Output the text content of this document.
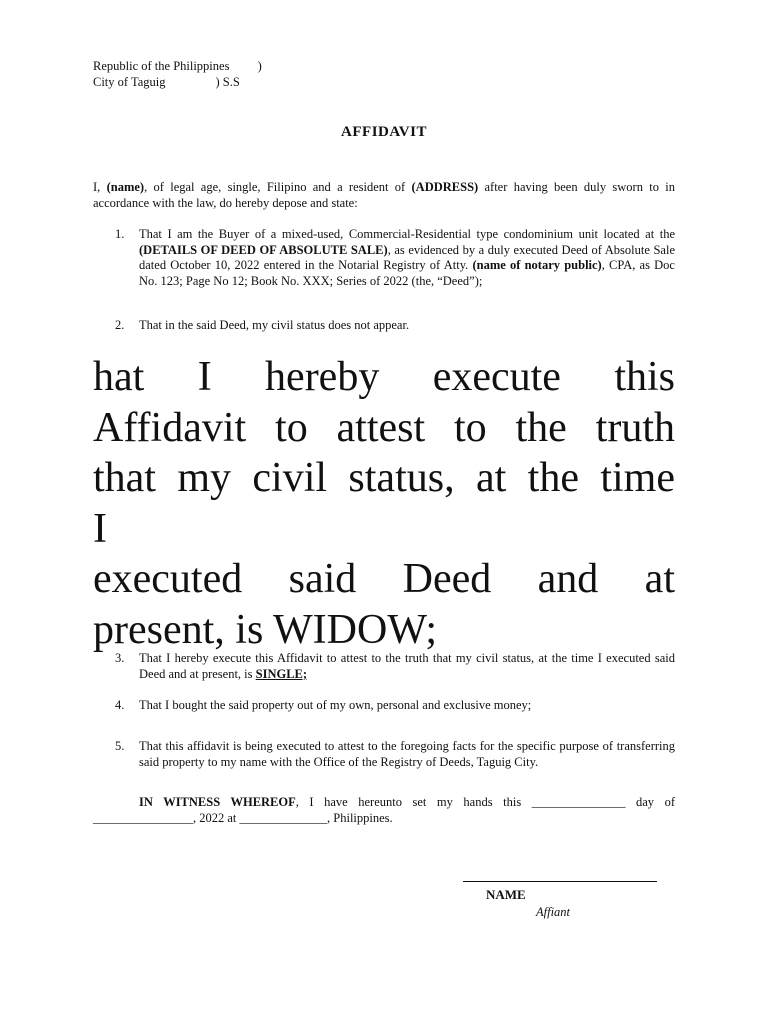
Republic of the Philippines         )
City of Taguig                ) S.S
AFFIDAVIT
I, (name), of legal age, single, Filipino and a resident of (ADDRESS) after having been duly sworn to in accordance with the law, do hereby depose and state:
1. That I am the Buyer of a mixed-used, Commercial-Residential type condominium unit located at the (DETAILS OF DEED OF ABSOLUTE SALE), as evidenced by a duly executed Deed of Absolute Sale dated October 10, 2022 entered in the Notarial Registry of Atty. (name of notary public), CPA, as Doc No. 123; Page No 12; Book No. XXX; Series of 2022 (the, “Deed”);
2. That in the said Deed, my civil status does not appear.

hat I hereby execute this

Affidavit to attest to the truth

that my civil status, at the time

I

executed said Deed and at

present, is WIDOW;

3. That I hereby execute this Affidavit to attest to the truth that my civil status, at the time I executed said Deed and at present, is SINGLE;
4. That I bought the said property out of my own, personal and exclusive money;
5. That this affidavit is being executed to attest to the foregoing facts for the specific purpose of transferring said property to my name with the Office of the Registry of Deeds, Taguig City.
IN WITNESS WHEREOF, I have hereunto set my hands this _______________ day of ________________, 2022 at ______________, Philippines.
NAME
Affiant
